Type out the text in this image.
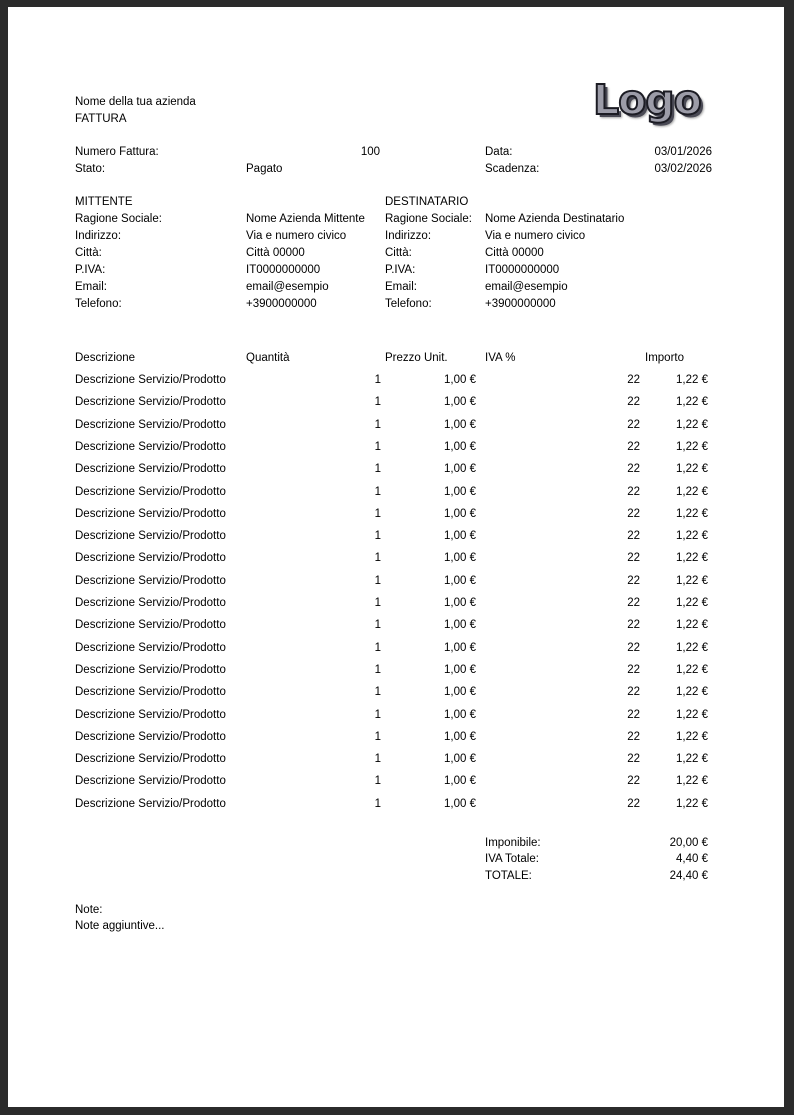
Nome della tua azienda
FATTURA	Logo
Numero Fattura:	100	Data:	03/01/2026
Stato:	Pagato	Scadenza:	03/02/2026
MITTENTE
Ragione Sociale:	Nome Azienda Mittente
Indirizzo:	Via e numero civico
Città:	Città 00000
P.IVA:	IT0000000000
Email:	email@esempio
Telefono:	+3900000000
DESTINATARIO
Ragione Sociale: Nome Azienda Destinatario
Indirizzo:	Via e numero civico
Città:	Città 00000
P.IVA:	IT0000000000
Email:	email@esempio
Telefono:	+3900000000
Descrizione	Quantità	Prezzo Unit.	IVA %	Importo
Descrizione Servizio/Prodotto	1	1,00 €	22	1,22 €
Descrizione Servizio/Prodotto	1	1,00 €	22	1,22 €
Descrizione Servizio/Prodotto	1	1,00 €	22	1,22 €
Descrizione Servizio/Prodotto	1	1,00 €	22	1,22 €
Descrizione Servizio/Prodotto	1	1,00 €	22	1,22 €
Descrizione Servizio/Prodotto	1	1,00 €	22	1,22 €
Descrizione Servizio/Prodotto	1	1,00 €	22	1,22 €
Descrizione Servizio/Prodotto	1	1,00 €	22	1,22 €
Descrizione Servizio/Prodotto	1	1,00 €	22	1,22 €
Descrizione Servizio/Prodotto	1	1,00 €	22	1,22 €
Descrizione Servizio/Prodotto	1	1,00 €	22	1,22 €
Descrizione Servizio/Prodotto	1	1,00 €	22	1,22 €
Descrizione Servizio/Prodotto	1	1,00 €	22	1,22 €
Descrizione Servizio/Prodotto	1	1,00 €	22	1,22 €
Descrizione Servizio/Prodotto	1	1,00 €	22	1,22 €
Descrizione Servizio/Prodotto	1	1,00 €	22	1,22 €
Descrizione Servizio/Prodotto	1	1,00 €	22	1,22 €
Descrizione Servizio/Prodotto	1	1,00 €	22	1,22 €
Descrizione Servizio/Prodotto	1	1,00 €	22	1,22 €
Descrizione Servizio/Prodotto	1	1,00 €	22	1,22 €
Imponibile:	20,00 €
IVA Totale:	4,40 €
TOTALE:	24,40 €
Note:
Note aggiuntive...
